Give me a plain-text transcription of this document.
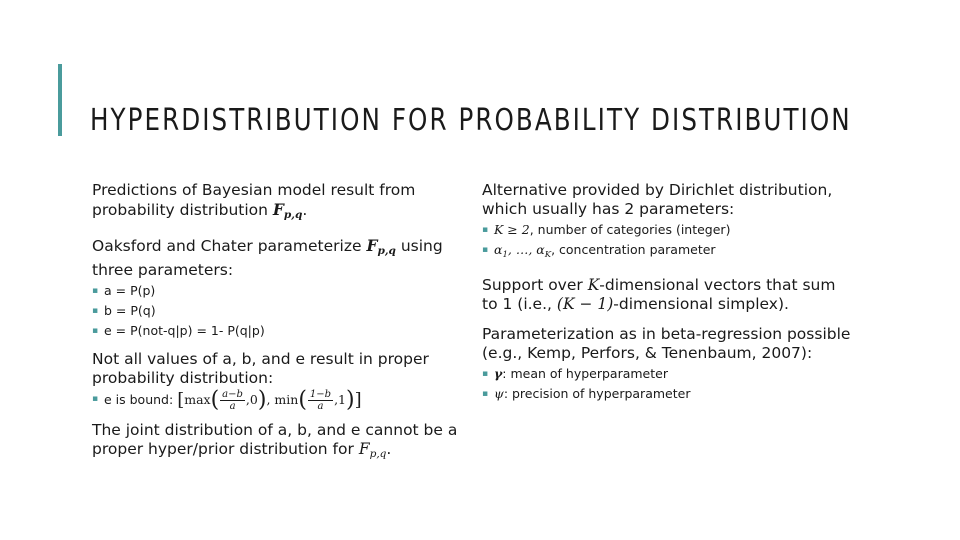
HYPERDISTRIBUTION FOR PROBABILITY DISTRIBUTION

Predictions of Bayesian model result from probability distribution $F_{p,q}$.

Oaksford and Chater parameterize $F_{p,q}$ using three parameters:

▪ a = P(p)
▪ b = P(q)
▪ e = P(not-q|p) = 1- P(q|p)

Not all values of a, b, and e result in proper probability distribution:

▪ e is bound: [$\max( \frac{a-b}{a} ,0)$, $\min( \frac{1-b}{a} ,1)$]

The joint distribution of a, b, and e cannot be a proper hyper/prior distribution for $F_{p,q}$.

Alternative provided by Dirichlet distribution, which usually has 2 parameters:

▪ K ≥ 2, number of categories (integer)
▪ $\alpha_1$, …, $\alpha_K$, concentration parameter

Support over K-dimensional vectors that sum to 1 (i.e., (K − 1)-dimensional simplex).

Parameterization as in beta-regression possible (e.g., Kemp, Perfors, & Tenenbaum, 2007):

▪ γ: mean of hyperparameter
▪ ψ: precision of hyperparameter
